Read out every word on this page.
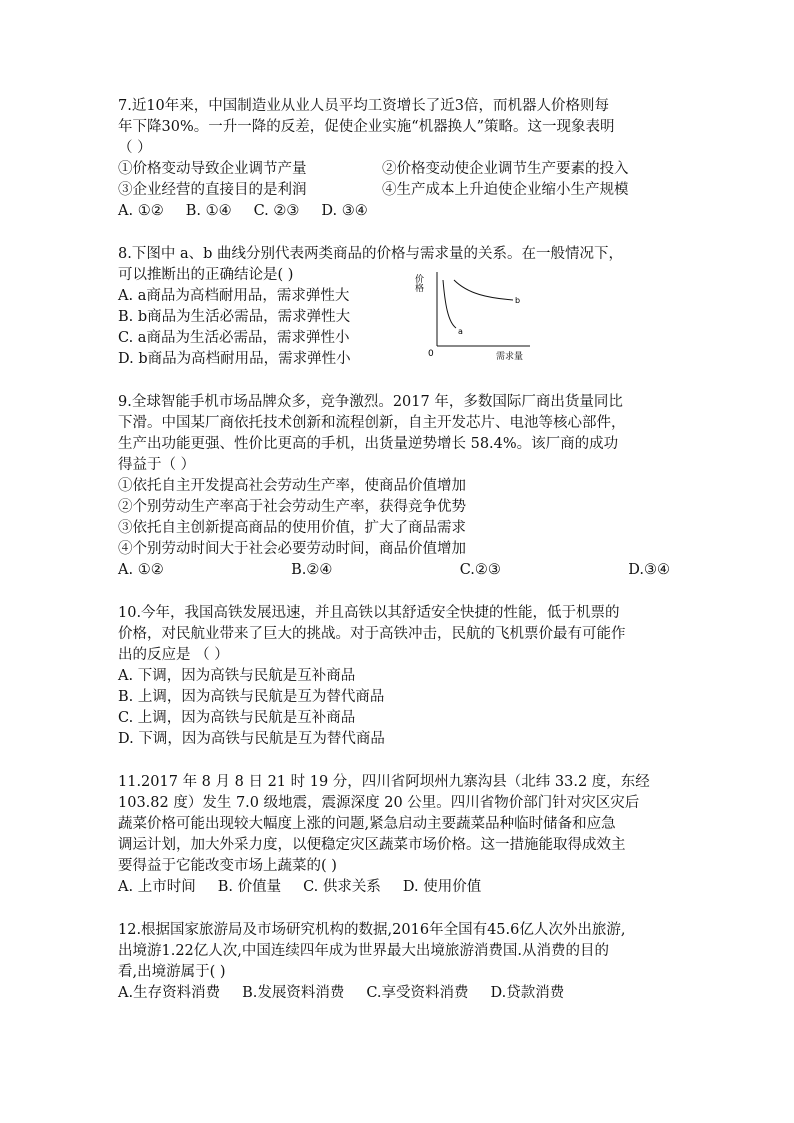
7.近10年来，中国制造业从业人员平均工资增长了近3倍，而机器人价格则每
年下降30%。一升一降的反差，促使企业实施“机器换人”策略。这一现象表明
（ ）
①价格变动导致企业调节产量	②价格变动使企业调节生产要素的投入
③企业经营的直接目的是利润	④生产成本上升迫使企业缩小生产规模
A. ①② B. ①④ C. ②③ D. ③④
8.下图中 a、b 曲线分别代表两类商品的价格与需求量的关系。在一般情况下，
可以推断出的正确结论是( )
A. a商品为高档耐用品，需求弹性大
B. b商品为生活必需品，需求弹性大
C. a商品为生活必需品，需求弹性小
D. b商品为高档耐用品，需求弹性小
价格
需求量
0
a
b
9.全球智能手机市场品牌众多，竞争激烈。2017 年，多数国际厂商出货量同比
下滑。中国某厂商依托技术创新和流程创新，自主开发芯片、电池等核心部件，
生产出功能更强、性价比更高的手机，出货量逆势增长 58.4%。该厂商的成功
得益于（ ）
①依托自主开发提高社会劳动生产率，使商品价值增加
②个别劳动生产率高于社会劳动生产率，获得竞争优势
③依托自主创新提高商品的使用价值，扩大了商品需求
④个别劳动时间大于社会必要劳动时间，商品价值增加
A. ①②	B.②④	C.②③	D.③④
10.今年，我国高铁发展迅速，并且高铁以其舒适安全快捷的性能，低于机票的
价格，对民航业带来了巨大的挑战。对于高铁冲击，民航的飞机票价最有可能作
出的反应是 （ ）
A. 下调，因为高铁与民航是互补商品
B. 上调，因为高铁与民航是互为替代商品
C. 上调，因为高铁与民航是互补商品
D. 下调，因为高铁与民航是互为替代商品
11.2017 年 8 月 8 日 21 时 19 分，四川省阿坝州九寨沟县（北纬 33.2 度，东经
103.82 度）发生 7.0 级地震，震源深度 20 公里。四川省物价部门针对灾区灾后
蔬菜价格可能出现较大幅度上涨的问题,紧急启动主要蔬菜品种临时储备和应急
调运计划，加大外采力度，以便稳定灾区蔬菜市场价格。这一措施能取得成效主
要得益于它能改变市场上蔬菜的( )
A. 上市时间 B. 价值量 C. 供求关系 D. 使用价值
12.根据国家旅游局及市场研究机构的数据,2016年全国有45.6亿人次外出旅游,
出境游1.22亿人次,中国连续四年成为世界最大出境旅游消费国.从消费的目的
看,出境游属于( )
A.生存资料消费 B.发展资料消费 C.享受资料消费 D.贷款消费
